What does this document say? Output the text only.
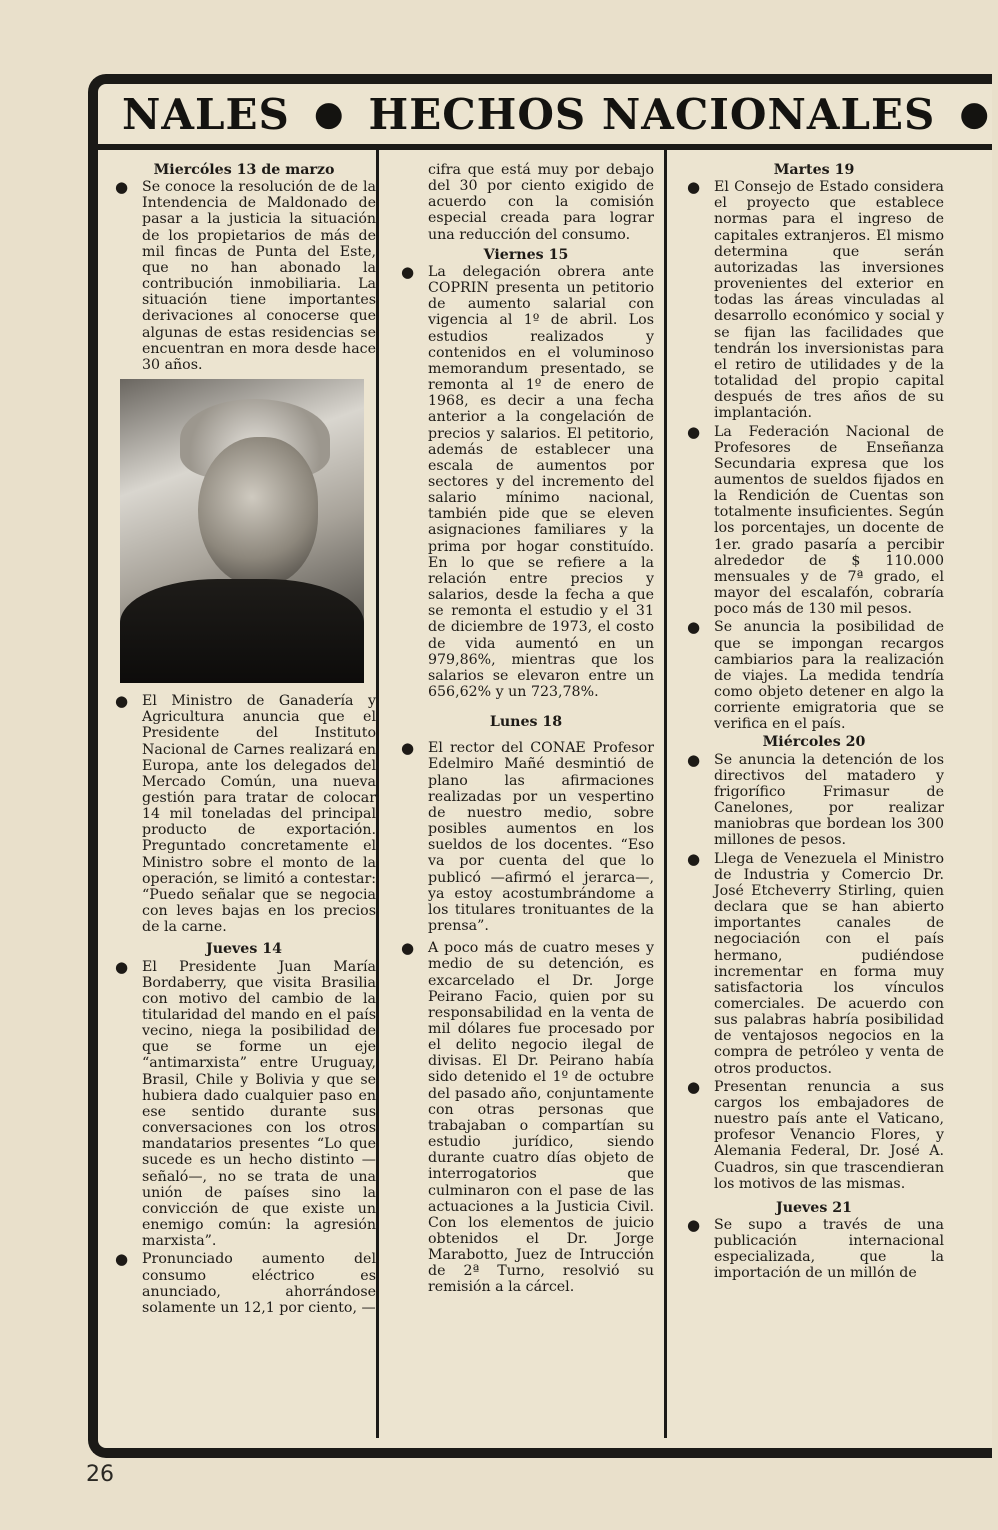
NALES ● HECHOS NACIONALES ●
Miercóles 13 de marzo
● Se conoce la resolución de de la Intendencia de Maldonado de pasar a la justicia la situación de los propietarios de más de mil fincas de Punta del Este, que no han abonado la contribución inmobiliaria. La situación tiene importantes derivaciones al conocerse que algunas de estas residencias se encuentran en mora desde hace 30 años.
● El Ministro de Ganadería y Agricultura anuncia que el Presidente del Instituto Nacional de Carnes realizará en Europa, ante los delegados del Mercado Común, una nueva gestión para tratar de colocar 14 mil toneladas del principal producto de exportación. Preguntado concretamente el Ministro sobre el monto de la operación, se limitó a contestar: “Puedo señalar que se negocia con leves bajas en los precios de la carne.
Jueves 14
● El Presidente Juan María Bordaberry, que visita Brasilia con motivo del cambio de la titularidad del mando en el país vecino, niega la posibilidad de que se forme un eje “antimarxista” entre Uruguay, Brasil, Chile y Bolivia y que se hubiera dado cualquier paso en ese sentido durante sus conversaciones con los otros mandatarios presentes “Lo que sucede es un hecho distinto —señaló—, no se trata de una unión de países sino la convicción de que existe un enemigo común: la agresión marxista”.
● Pronunciado aumento del consumo eléctrico es anunciado, ahorrándose solamente un 12,1 por ciento, —
cifra que está muy por debajo del 30 por ciento exigido de acuerdo con la comisión especial creada para lograr una reducción del consumo.
Viernes 15
● La delegación obrera ante COPRIN presenta un petitorio de aumento salarial con vigencia al 1º de abril. Los estudios realizados y contenidos en el voluminoso memorandum presentado, se remonta al 1º de enero de 1968, es decir a una fecha anterior a la congelación de precios y salarios. El petitorio, además de establecer una escala de aumentos por sectores y del incremento del salario mínimo nacional, también pide que se eleven asignaciones familiares y la prima por hogar constituído. En lo que se refiere a la relación entre precios y salarios, desde la fecha a que se remonta el estudio y el 31 de diciembre de 1973, el costo de vida aumentó en un 979,86%, mientras que los salarios se elevaron entre un 656,62% y un 723,78%.
Lunes 18
● El rector del CONAE Profesor Edelmiro Mañé desmintió de plano las afirmaciones realizadas por un vespertino de nuestro medio, sobre posibles aumentos en los sueldos de los docentes. “Eso va por cuenta del que lo publicó —afirmó el jerarca—, ya estoy acostumbrándome a los titulares tronituantes de la prensa”.
● A poco más de cuatro meses y medio de su detención, es excarcelado el Dr. Jorge Peirano Facio, quien por su responsabilidad en la venta de mil dólares fue procesado por el delito negocio ilegal de divisas. El Dr. Peirano había sido detenido el 1º de octubre del pasado año, conjuntamente con otras personas que trabajaban o compartían su estudio jurídico, siendo durante cuatro días objeto de interrogatorios que culminaron con el pase de las actuaciones a la Justicia Civil. Con los elementos de juicio obtenidos el Dr. Jorge Marabotto, Juez de Intrucción de 2ª Turno, resolvió su remisión a la cárcel.
Martes 19
● El Consejo de Estado considera el proyecto que establece normas para el ingreso de capitales extranjeros. El mismo determina que serán autorizadas las inversiones provenientes del exterior en todas las áreas vinculadas al desarrollo económico y social y se fijan las facilidades que tendrán los inversionistas para el retiro de utilidades y de la totalidad del propio capital después de tres años de su implantación.
● La Federación Nacional de Profesores de Enseñanza Secundaria expresa que los aumentos de sueldos fijados en la Rendición de Cuentas son totalmente insuficientes. Según los porcentajes, un docente de 1er. grado pasaría a percibir alrededor de $ 110.000 mensuales y de 7ª grado, el mayor del escalafón, cobraría poco más de 130 mil pesos.
● Se anuncia la posibilidad de que se impongan recargos cambiarios para la realización de viajes. La medida tendría como objeto detener en algo la corriente emigratoria que se verifica en el país.
Miércoles 20
● Se anuncia la detención de los directivos del matadero y frigorífico Frimasur de Canelones, por realizar maniobras que bordean los 300 millones de pesos.
● Llega de Venezuela el Ministro de Industria y Comercio Dr. José Etcheverry Stirling, quien declara que se han abierto importantes canales de negociación con el país hermano, pudiéndose incrementar en forma muy satisfactoria los vínculos comerciales. De acuerdo con sus palabras habría posibilidad de ventajosos negocios en la compra de petróleo y venta de otros productos.
● Presentan renuncia a sus cargos los embajadores de nuestro país ante el Vaticano, profesor Venancio Flores, y Alemania Federal, Dr. José A. Cuadros, sin que trascendieran los motivos de las mismas.
Jueves 21
● Se supo a través de una publicación internacional especializada, que la importación de un millón de
26
